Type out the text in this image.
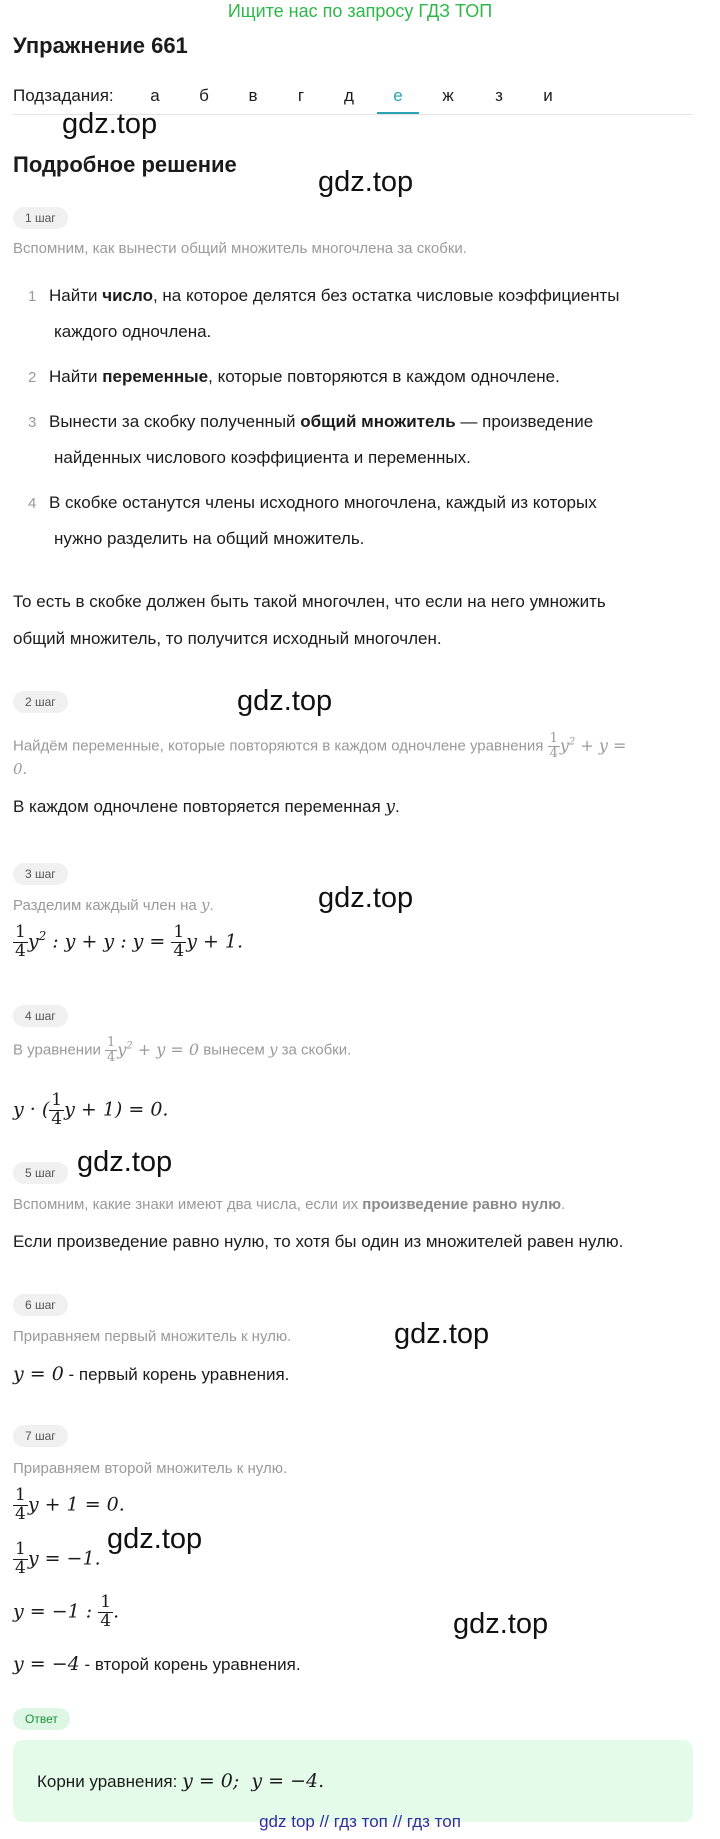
Ищите нас по запросу ГДЗ ТОП
Упражнение 661
Подзадания:	а	б	в	г	д	е	ж	з	и
gdz.top
Подробное решение
gdz.top
1 шаг
Вспомним, как вынести общий множитель многочлена за скобки.
1 Найти число, на которое делятся без остатка числовые коэффициенты
каждого одночлена.
2 Найти переменные, которые повторяются в каждом одночлене.
3 Вынести за скобку полученный общий множитель — произведение
найденных числового коэффициента и переменных.
4 В скобке останутся члены исходного многочлена, каждый из которых
нужно разделить на общий множитель.
То есть в скобке должен быть такой многочлен, что если на него умножить
общий множитель, то получится исходный многочлен.
2 шаг	gdz.top
Найдём переменные, которые повторяются в каждом одночлене уравнения $\frac{1}{4} y^2 + y$ =
0.
В каждом одночлене повторяется переменная y.
3 шаг
gdz.top
Разделим каждый член на y.
$\frac{1}{4} y^2$ : y + y : $y = \frac{1}{4}$ y + 1.
4 шаг
В уравнении $\frac{1}{4} y^2 + y = 0$ вынесем y за скобки.
y · ( $\frac{1}{4}$ y + 1) = 0.
5 шаг gdz.top
Вспомним, какие знаки имеют два числа, если их произведение равно нулю.
Если произведение равно нулю, то хотя бы один из множителей равен нулю.
6 шаг
gdz.top
Приравняем первый множитель к нулю.
y = 0 - первый корень уравнения.
7 шаг
Приравняем второй множитель к нулю.
$\frac{1}{4}$ y + 1 = 0.
gdz.top
$\frac{1}{4}$ y = −1.
y = −1 : $\frac{1}{4}$ .	gdz.top
y = −4 - второй корень уравнения.
Ответ
Корни уравнения: y = 0;  y = −4.
gdz top // гдз топ // гдз топ
